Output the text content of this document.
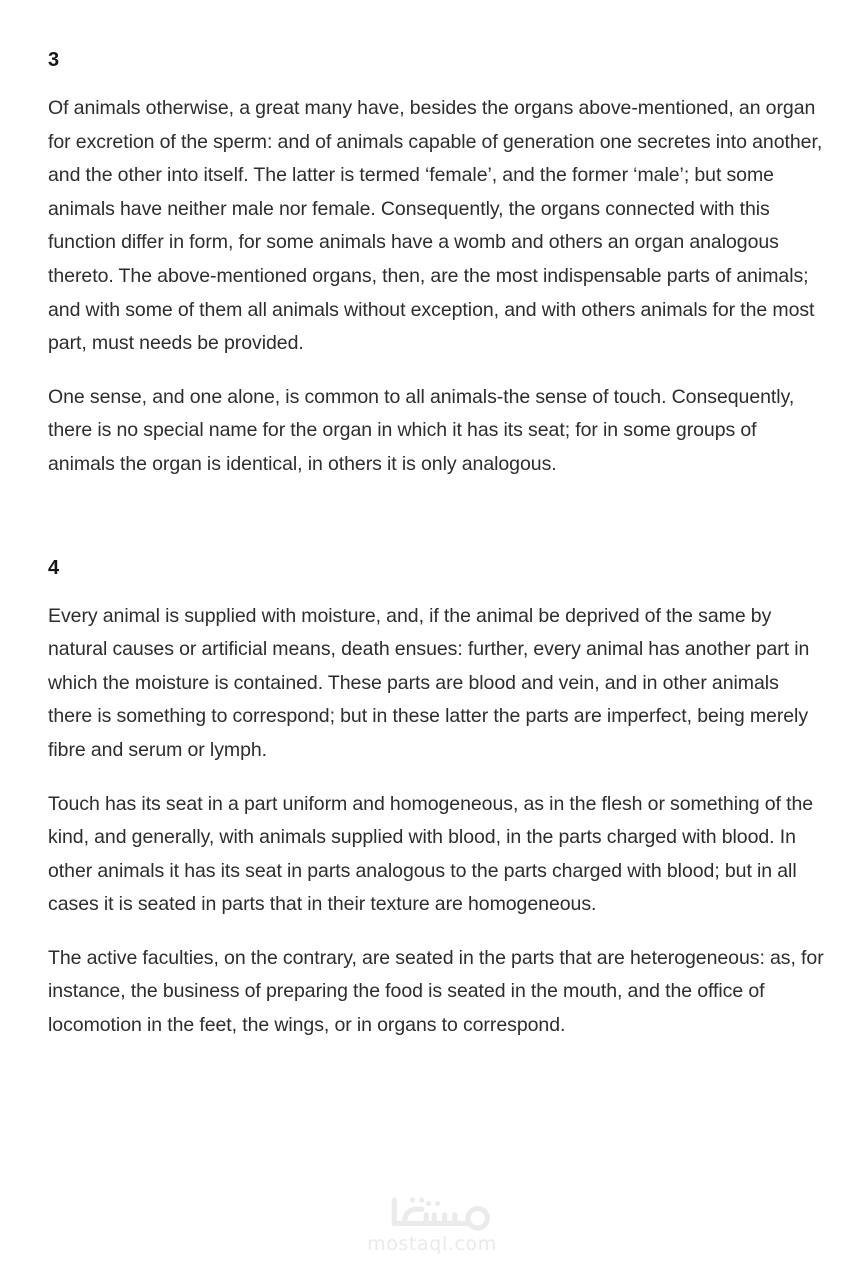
3

Of animals otherwise, a great many have, besides the organs above-mentioned, an organ for excretion of the sperm: and of animals capable of generation one secretes into another, and the other into itself. The latter is termed ‘female’, and the former ‘male’; but some animals have neither male nor female. Consequently, the organs connected with this function differ in form, for some animals have a womb and others an organ analogous thereto. The above-mentioned organs, then, are the most indispensable parts of animals; and with some of them all animals without exception, and with others animals for the most part, must needs be provided.

One sense, and one alone, is common to all animals-the sense of touch. Consequently, there is no special name for the organ in which it has its seat; for in some groups of animals the organ is identical, in others it is only analogous.

4

Every animal is supplied with moisture, and, if the animal be deprived of the same by natural causes or artificial means, death ensues: further, every animal has another part in which the moisture is contained. These parts are blood and vein, and in other animals there is something to correspond; but in these latter the parts are imperfect, being merely fibre and serum or lymph.

Touch has its seat in a part uniform and homogeneous, as in the flesh or something of the kind, and generally, with animals supplied with blood, in the parts charged with blood. In other animals it has its seat in parts analogous to the parts charged with blood; but in all cases it is seated in parts that in their texture are homogeneous.

The active faculties, on the contrary, are seated in the parts that are heterogeneous: as, for instance, the business of preparing the food is seated in the mouth, and the office of locomotion in the feet, the wings, or in organs to correspond.

mostaql.com
